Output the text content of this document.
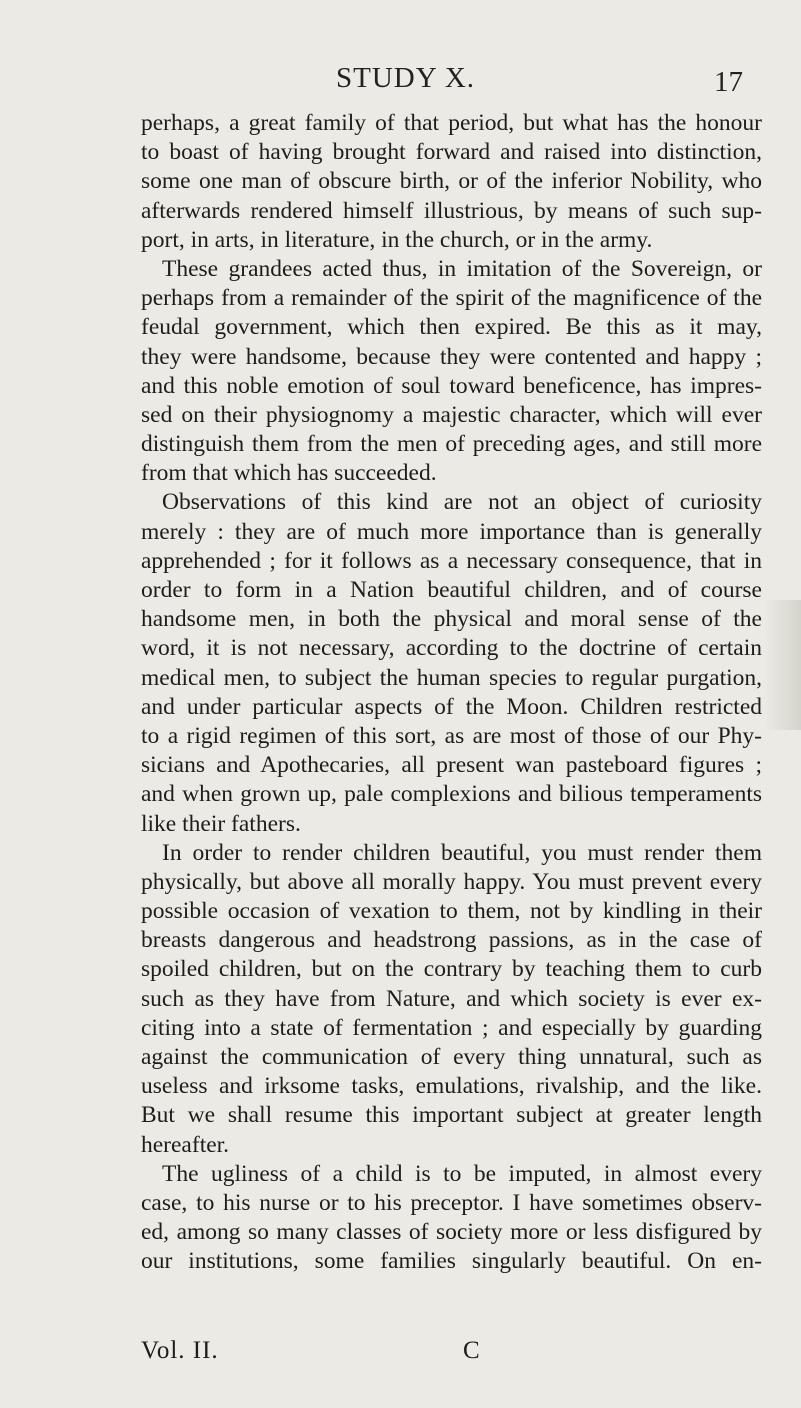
STUDY X.	17
perhaps, a great family of that period, but what has the honour
to boast of having brought forward and raised into distinction,
some one man of obscure birth, or of the inferior Nobility, who
afterwards rendered himself illustrious, by means of such sup-
port, in arts, in literature, in the church, or in the army.
These grandees acted thus, in imitation of the Sovereign, or
perhaps from a remainder of the spirit of the magnificence of the
feudal government, which then expired. Be this as it may,
they were handsome, because they were contented and happy ;
and this noble emotion of soul toward beneficence, has impres-
sed on their physiognomy a majestic character, which will ever
distinguish them from the men of preceding ages, and still more
from that which has succeeded.
Observations of this kind are not an object of curiosity
merely : they are of much more importance than is generally
apprehended ; for it follows as a necessary consequence, that in
order to form in a Nation beautiful children, and of course
handsome men, in both the physical and moral sense of the
word, it is not necessary, according to the doctrine of certain
medical men, to subject the human species to regular purgation,
and under particular aspects of the Moon. Children restricted
to a rigid regimen of this sort, as are most of those of our Phy-
sicians and Apothecaries, all present wan pasteboard figures ;
and when grown up, pale complexions and bilious temperaments
like their fathers.
In order to render children beautiful, you must render them
physically, but above all morally happy. You must prevent every
possible occasion of vexation to them, not by kindling in their
breasts dangerous and headstrong passions, as in the case of
spoiled children, but on the contrary by teaching them to curb
such as they have from Nature, and which society is ever ex-
citing into a state of fermentation ; and especially by guarding
against the communication of every thing unnatural, such as
useless and irksome tasks, emulations, rivalship, and the like.
But we shall resume this important subject at greater length
hereafter.
The ugliness of a child is to be imputed, in almost every
case, to his nurse or to his preceptor. I have sometimes observ-
ed, among so many classes of society more or less disfigured by
our institutions, some families singularly beautiful. On en-
Vol. II.	C
